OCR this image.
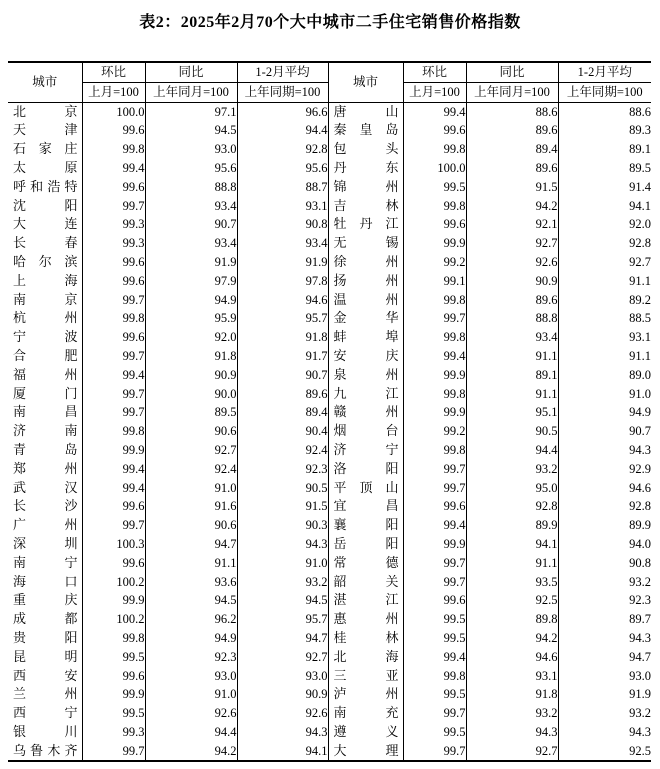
表2：2025年2月70个大中城市二手住宅销售价格指数
城市	环比	同比	1-2月平均	城市	环比	同比	1-2月平均
	上月=100	上年同月=100	上年同期=100		上月=100	上年同月=100	上年同期=100

北京	100.0	97.1	96.6	唐山	99.4	88.6	88.6

天津	99.6	94.5	94.4	秦皇岛	99.6	89.6	89.3

石家庄	99.8	93.0	92.8	包头	99.8	89.4	89.1

太原	99.4	95.6	95.6	丹东	100.0	89.6	89.5

呼和浩特	99.6	88.8	88.7	锦州	99.5	91.5	91.4

沈阳	99.7	93.4	93.1	吉林	99.8	94.2	94.1

大连	99.3	90.7	90.8	牡丹江	99.6	92.1	92.0

长春	99.3	93.4	93.4	无锡	99.9	92.7	92.8

哈尔滨	99.6	91.9	91.9	徐州	99.2	92.6	92.7

上海	99.6	97.9	97.8	扬州	99.1	90.9	91.1

南京	99.7	94.9	94.6	温州	99.8	89.6	89.2

杭州	99.8	95.9	95.7	金华	99.7	88.8	88.5

宁波	99.6	92.0	91.8	蚌埠	99.8	93.4	93.1

合肥	99.7	91.8	91.7	安庆	99.4	91.1	91.1

福州	99.4	90.9	90.7	泉州	99.9	89.1	89.0

厦门	99.7	90.0	89.6	九江	99.8	91.1	91.0

南昌	99.7	89.5	89.4	赣州	99.9	95.1	94.9

济南	99.8	90.6	90.4	烟台	99.2	90.5	90.7

青岛	99.9	92.7	92.4	济宁	99.8	94.4	94.3

郑州	99.4	92.4	92.3	洛阳	99.7	93.2	92.9

武汉	99.4	91.0	90.5	平顶山	99.7	95.0	94.6

长沙	99.6	91.6	91.5	宜昌	99.6	92.8	92.8

广州	99.7	90.6	90.3	襄阳	99.4	89.9	89.9

深圳	100.3	94.7	94.3	岳阳	99.9	94.1	94.0

南宁	99.6	91.1	91.0	常德	99.7	91.1	90.8

海口	100.2	93.6	93.2	韶关	99.7	93.5	93.2

重庆	99.9	94.5	94.5	湛江	99.6	92.5	92.3

成都	100.2	96.2	95.7	惠州	99.5	89.8	89.7

贵阳	99.8	94.9	94.7	桂林	99.5	94.2	94.3

昆明	99.5	92.3	92.7	北海	99.4	94.6	94.7

西安	99.6	93.0	93.0	三亚	99.8	93.1	93.0

兰州	99.9	91.0	90.9	泸州	99.5	91.8	91.9

西宁	99.5	92.6	92.6	南充	99.7	93.2	93.2

银川	99.3	94.4	94.3	遵义	99.5	94.3	94.3

乌鲁木齐	99.7	94.2	94.1	大理	99.7	92.7	92.5
